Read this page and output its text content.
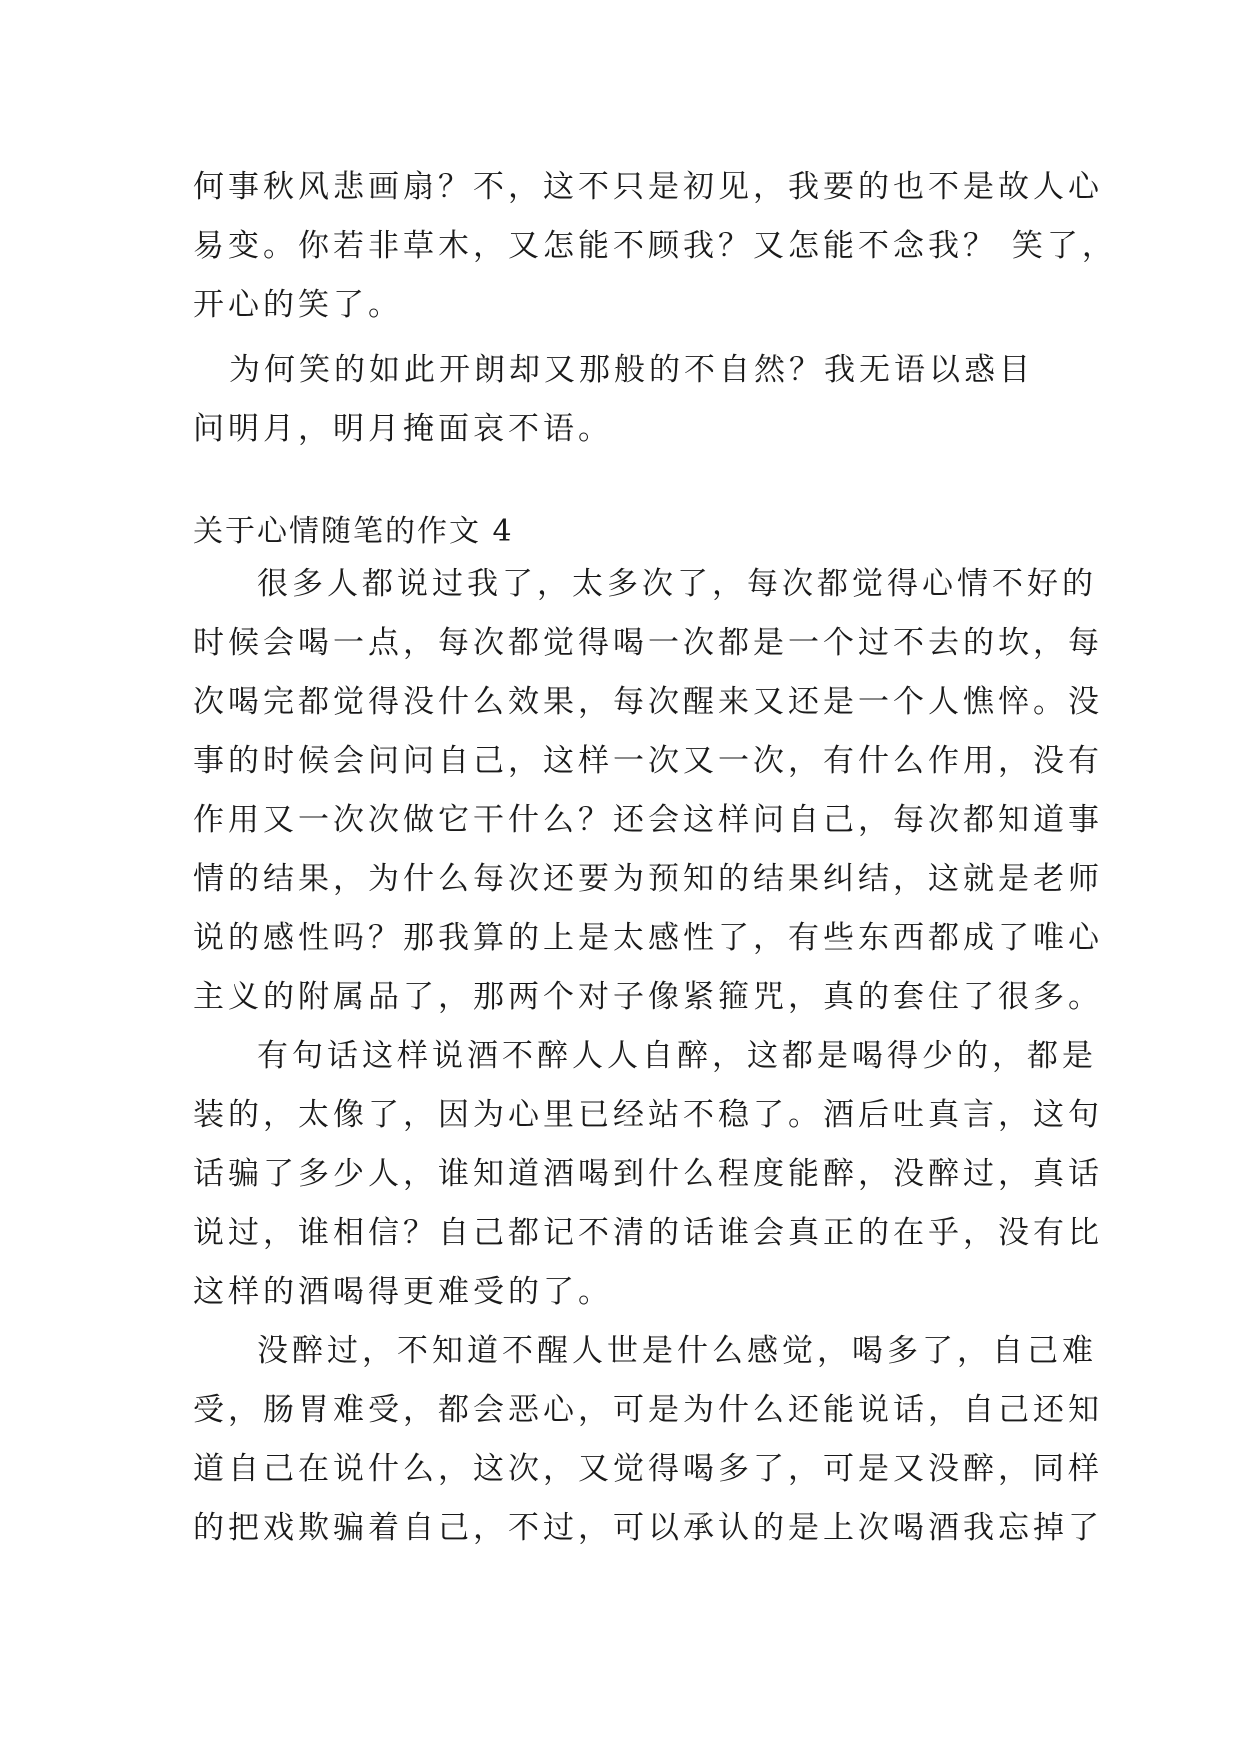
何事秋风悲画扇？不，这不只是初见，我要的也不是故人心
易变。你若非草木，又怎能不顾我？又怎能不念我？ 笑了，
开心的笑了。
为何笑的如此开朗却又那般的不自然？我无语以惑目
问明月，明月掩面哀不语。
关于心情随笔的作文 4
很多人都说过我了，太多次了，每次都觉得心情不好的
时候会喝一点，每次都觉得喝一次都是一个过不去的坎，每
次喝完都觉得没什么效果，每次醒来又还是一个人憔悴。没
事的时候会问问自己，这样一次又一次，有什么作用，没有
作用又一次次做它干什么？还会这样问自己，每次都知道事
情的结果，为什么每次还要为预知的结果纠结，这就是老师
说的感性吗？那我算的上是太感性了，有些东西都成了唯心
主义的附属品了，那两个对子像紧箍咒，真的套住了很多。
有句话这样说酒不醉人人自醉，这都是喝得少的，都是
装的，太像了，因为心里已经站不稳了。酒后吐真言，这句
话骗了多少人，谁知道酒喝到什么程度能醉，没醉过，真话
说过，谁相信？自己都记不清的话谁会真正的在乎，没有比
这样的酒喝得更难受的了。
没醉过，不知道不醒人世是什么感觉，喝多了，自己难
受，肠胃难受，都会恶心，可是为什么还能说话，自己还知
道自己在说什么，这次，又觉得喝多了，可是又没醉，同样
的把戏欺骗着自己，不过，可以承认的是上次喝酒我忘掉了
